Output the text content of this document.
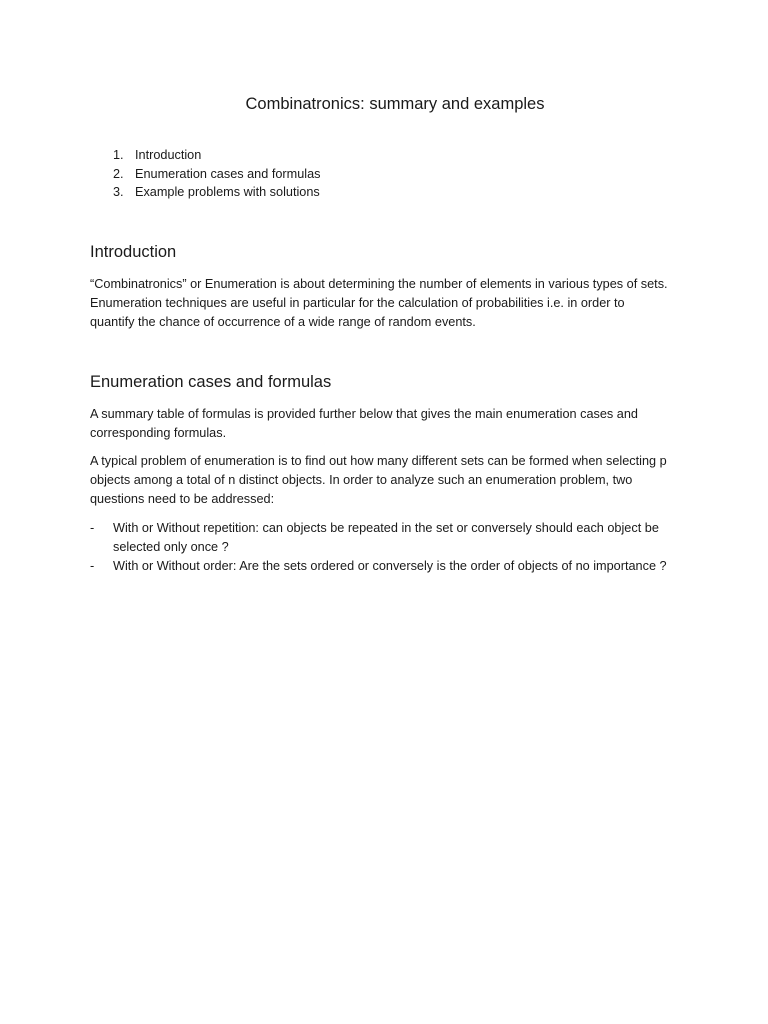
Combinatronics: summary and examples
1. Introduction
2. Enumeration cases and formulas
3. Example problems with solutions
Introduction

“Combinatronics” or Enumeration is about determining the number of elements in various types of sets.
Enumeration techniques are useful in particular for the calculation of probabilities i.e. in order to
quantify the chance of occurrence of a wide range of random events.

Enumeration cases and formulas

A summary table of formulas is provided further below that gives the main enumeration cases and
corresponding formulas.

A typical problem of enumeration is to find out how many different sets can be formed when selecting p
objects among a total of n distinct objects. In order to analyze such an enumeration problem, two
questions need to be addressed:

- With or Without repetition: can objects be repeated in the set or conversely should each object be
selected only once ?
- With or Without order: Are the sets ordered or conversely is the order of objects of no importance ?
